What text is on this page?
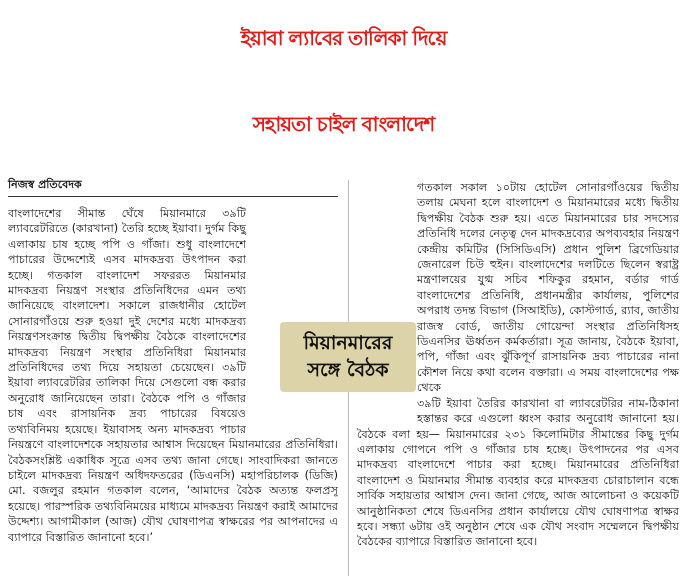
ইয়াবা ল্যাবের তালিকা দিয়ে
সহায়তা চাইল বাংলাদেশ
নিজস্ব প্রতিবেদক

বাংলাদেশের সীমান্ত ঘেঁষে মিয়ানমারে ৩৯টি ল্যাবরেটরিতে (কারখানা) তৈরি হচ্ছে ইয়াবা। দুর্গম কিছু এলাকায় চাষ হচ্ছে পপি ও গাঁজা। শুধু বাংলাদেশে পাচারের উদ্দেশ্যেই এসব মাদকদ্রব্য উৎপাদন করা হচ্ছে। গতকাল বাংলাদেশ সফররত মিয়ানমার মাদকদ্রব্য নিয়ন্ত্রণ সংস্থার প্রতিনিধিদের এমন তথ্য জানিয়েছে বাংলাদেশ। সকালে রাজধানীর হোটেল সোনারগাঁওয়ে শুরু হওয়া দুই দেশের মধ্যে মাদকদ্রব্য নিয়ন্ত্রণসংক্রান্ত দ্বিতীয় দ্বিপক্ষীয় বৈঠকে বাংলাদেশের মাদকদ্রব্য নিয়ন্ত্রণ সংস্থার প্রতিনিধিরা মিয়ানমার প্রতিনিধিদের তথ্য দিয়ে সহায়তা চেয়েছেন। ৩৯টি ইয়াবা ল্যাবরেটরির তালিকা দিয়ে সেগুলো বন্ধ করার অনুরোধ জানিয়েছেন তারা। বৈঠকে পপি ও গাঁজার চাষ এবং রাসায়নিক দ্রব্য পাচারের বিষয়েও তথ্যবিনিময় হয়েছে। ইয়াবাসহ অন্য মাদকদ্রব্য পাচার নিয়ন্ত্রণে বাংলাদেশকে সহায়তার আশ্বাস দিয়েছেন মিয়ানমারের প্রতিনিধিরা। বৈঠকসংশ্লিষ্ট একাধিক সূত্রে এসব তথ্য জানা গেছে। সাংবাদিকরা জানতে চাইলে মাদকদ্রব্য নিয়ন্ত্রণ অধিদফতরের (ডিএনসি) মহাপরিচালক (ডিজি) মো. বজলুর রহমান গতকাল বলেন, ‘আমাদের বৈঠক অত্যন্ত ফলপ্রসূ হয়েছে। পারস্পরিক তথ্যবিনিময়ের মাধ্যমে মাদকদ্রব্য নিয়ন্ত্রণ করাই আমাদের উদ্দেশ্য। আগামীকাল (আজ) যৌথ ঘোষণাপত্র স্বাক্ষরের পর আপনাদের এ ব্যাপারে বিস্তারিত জানানো হবে।’

গতকাল সকাল ১০টায় হোটেল সোনারগাঁওয়ের দ্বিতীয় তলায় মেঘনা হলে বাংলাদেশ ও মিয়ানমারের মধ্যে দ্বিতীয় দ্বিপক্ষীয় বৈঠক শুরু হয়। এতে মিয়ানমারের চার সদস্যের প্রতিনিধি দলের নেতৃত্ব দেন মাদকদ্রব্যের অপব্যবহার নিয়ন্ত্রণ কেন্দ্রীয় কমিটির (সিসিডিএসি) প্রধান পুলিশ ব্রিগেডিয়ার জেনারেল চিউ হুইন। বাংলাদেশের দলটিতে ছিলেন স্বরাষ্ট্র মন্ত্রণালয়ের যুগ্ম সচিব শফিকুর রহমান, বর্ডার গার্ড বাংলাদেশের প্রতিনিধি, প্রধানমন্ত্রীর কার্যালয়, পুলিশের অপরাধ তদন্ত বিভাগ (সিআইডি), কোস্টগার্ড, র‌্যাব, জাতীয় রাজস্ব বোর্ড, জাতীয় গোয়েন্দা সংস্থার প্রতিনিধিসহ ডিএনসির ঊর্ধ্বতন কর্মকর্তারা। সূত্র জানায়, বৈঠকে ইয়াবা, পপি, গাঁজা এবং ঝুঁকিপূর্ণ রাসায়নিক দ্রব্য পাচারের নানা কৌশল নিয়ে কথা বলেন বক্তারা। এ সময় বাংলাদেশের পক্ষ থেকে

৩৯টি ইয়াবা তৈরির কারখানা বা ল্যাবরেটরির নাম-ঠিকানা হস্তান্তর করে এগুলো ধ্বংস করার অনুরোধ জানানো হয়। বৈঠকে বলা হয়— মিয়ানমারের ২৩১ কিলোমিটার সীমান্তের কিছু দুর্গম এলাকায় গোপনে পপি ও গাঁজার চাষ হচ্ছে। উৎপাদনের পর এসব মাদকদ্রব্য বাংলাদেশে পাচার করা হচ্ছে। মিয়ানমারের প্রতিনিধিরা বাংলাদেশ ও মিয়ানমার সীমান্ত ব্যবহার করে মাদকদ্রব্য চোরাচালান বন্ধে সার্বিক সহায়তার আশ্বাস দেন। জানা গেছে, আজ আলোচনা ও কয়েকটি আনুষ্ঠানিকতা শেষে ডিএনসির প্রধান কার্যালয়ে যৌথ ঘোষণাপত্র স্বাক্ষর হবে। সন্ধ্যা ৬টায় ওই অনুষ্ঠান শেষে এক যৌথ সংবাদ সম্মেলনে দ্বিপক্ষীয় বৈঠকের ব্যাপারে বিস্তারিত জানানো হবে।

মিয়ানমারের
সঙ্গে বৈঠক
